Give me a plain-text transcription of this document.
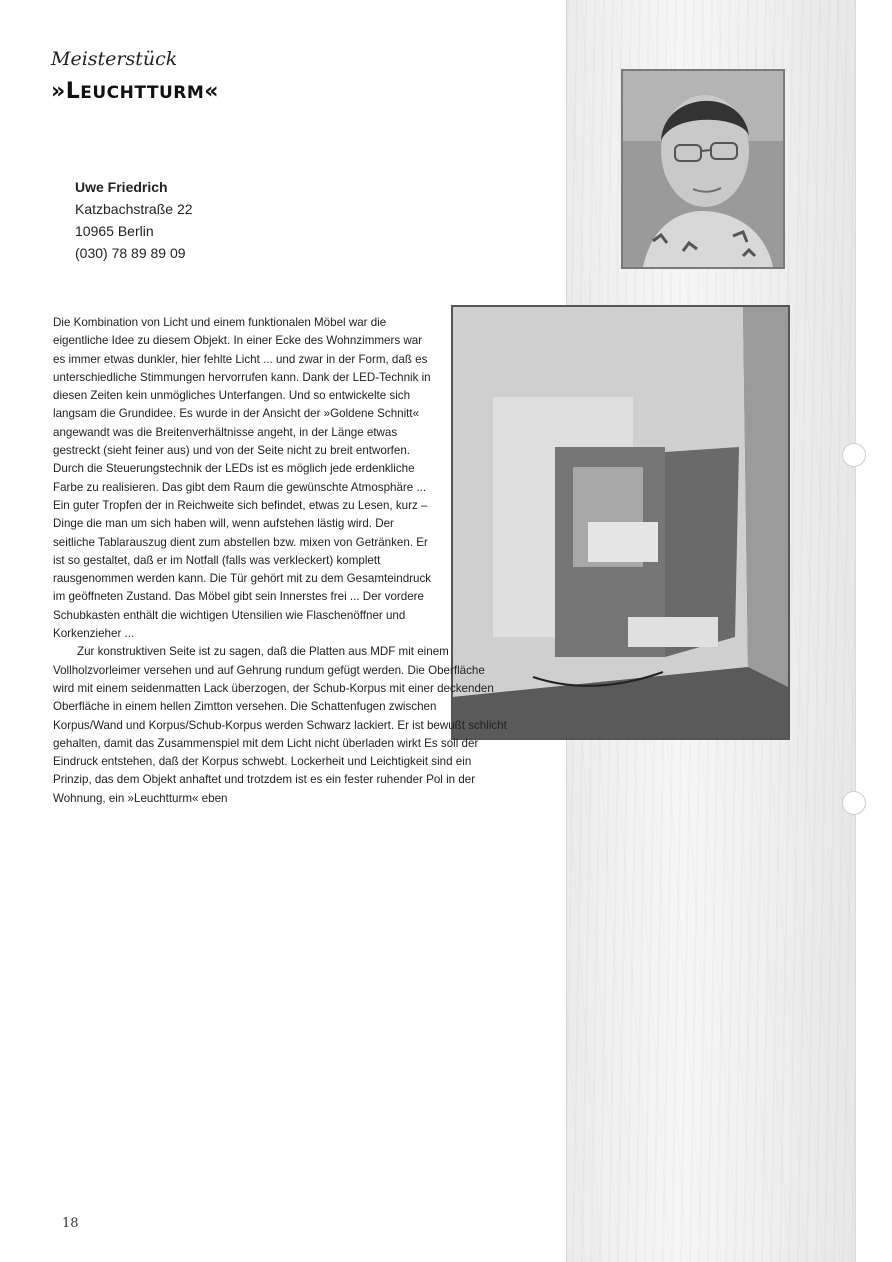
Meisterstück

»LEUCHTTURM«
Uwe Friedrich
Katzbachstraße 22
10965 Berlin
(030) 78 89 89 09

Die Kombination von Licht und einem funktionalen Möbel war die eigentliche Idee zu diesem Objekt. In einer Ecke des Wohnzimmers war es immer etwas dunkler, hier fehlte Licht ... und zwar in der Form, daß es unterschiedliche Stimmungen hervorrufen kann. Dank der LED-Technik in diesen Zeiten kein unmögliches Unterfangen. Und so entwickelte sich langsam die Grundidee. Es wurde in der Ansicht der »Goldene Schnitt« angewandt was die Breitenverhältnisse angeht, in der Länge etwas gestreckt (sieht feiner aus) und von der Seite nicht zu breit entworfen. Durch die Steuerungstechnik der LEDs ist es möglich jede erdenkliche Farbe zu realisieren. Das gibt dem Raum die gewünschte Atmosphäre ... Ein guter Tropfen der in Reichweite sich befindet, etwas zu Lesen, kurz – Dinge die man um sich haben will, wenn aufstehen lästig wird. Der seitliche Tablarauszug dient zum abstellen bzw. mixen von Getränken. Er ist so gestaltet, daß er im Notfall (falls was verkleckert) komplett rausgenommen werden kann. Die Tür gehört mit zu dem Gesamteindruck im geöffneten Zustand. Das Möbel gibt sein Innerstes frei ... Der vordere Schubkasten enthält die wichtigen Utensilien wie Flaschenöffner und Korkenzieher ...

Zur konstruktiven Seite ist zu sagen, daß die Platten aus MDF mit einem Vollholzvorleimer versehen und auf Gehrung rundum gefügt werden. Die Oberfläche wird mit einem seidenmatten Lack überzogen, der Schub-Korpus mit einer deckenden Oberfläche in einem hellen Zimtton versehen. Die Schattenfugen zwischen Korpus/Wand und Korpus/Schub-Korpus werden Schwarz lackiert. Er ist bewußt schlicht gehalten, damit das Zusammenspiel mit dem Licht nicht überladen wirkt Es soll der Eindruck entstehen, daß der Korpus schwebt. Lockerheit und Leichtigkeit sind ein Prinzip, das dem Objekt anhaftet und trotzdem ist es ein fester ruhender Pol in der Wohnung, ein »Leuchtturm« eben

18
